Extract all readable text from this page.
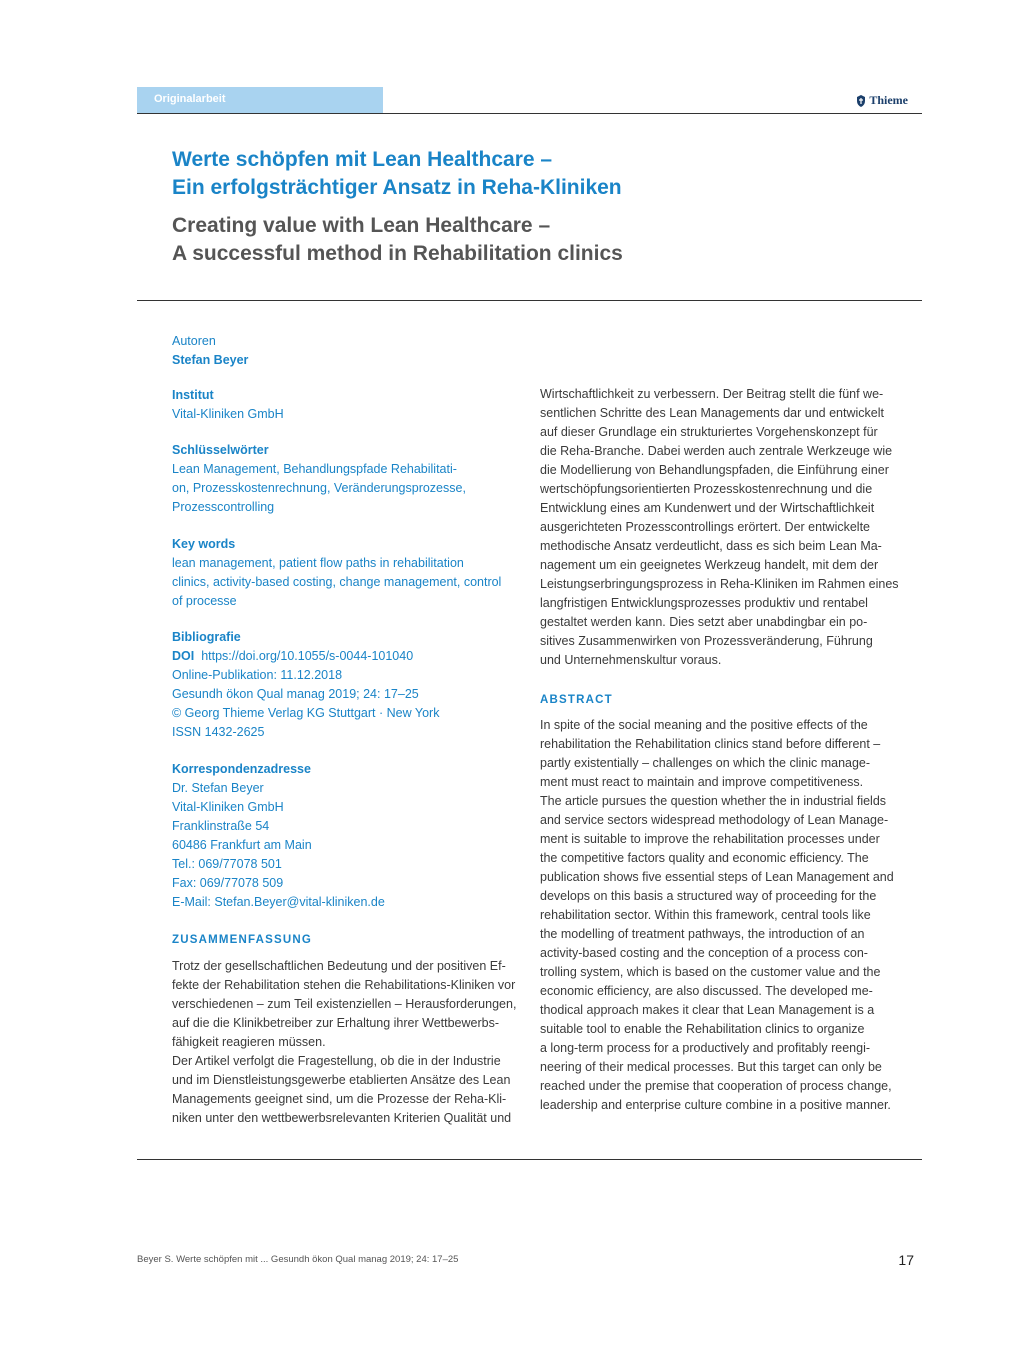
Originalarbeit	Thieme
Werte schöpfen mit Lean Healthcare –
Ein erfolgsträchtiger Ansatz in Reha-Kliniken
Creating value with Lean Healthcare –
A successful method in Rehabilitation clinics
Autoren
Stefan Beyer
Institut
Vital-Kliniken GmbH
Schlüsselwörter
Lean Management, Behandlungspfade Rehabilitati-
on, Prozesskostenrechnung, Veränderungsprozesse,
Prozesscontrolling
Key words
lean management, patient flow paths in rehabilitation
clinics, activity-based costing, change management, control
of processe
Bibliografie
DOI https://doi.org/10.1055/s-0044-101040
Online-Publikation: 11.12.2018
Gesundh ökon Qual manag 2019; 24: 17–25
© Georg Thieme Verlag KG Stuttgart · New York
ISSN 1432-2625
Korrespondenzadresse
Dr. Stefan Beyer
Vital-Kliniken GmbH
Franklinstraße 54
60486 Frankfurt am Main
Tel.: 069/77078 501
Fax: 069/77078 509
E-Mail: Stefan.Beyer@vital-kliniken.de
ZUSAMMENFASSUNG
Trotz der gesellschaftlichen Bedeutung und der positiven Ef-
fekte der Rehabilitation stehen die Rehabilitations-Kliniken vor
verschiedenen – zum Teil existenziellen – Herausforderungen,
auf die die Klinikbetreiber zur Erhaltung ihrer Wettbewerbs-
fähigkeit reagieren müssen.
Der Artikel verfolgt die Fragestellung, ob die in der Industrie
und im Dienstleistungsgewerbe etablierten Ansätze des Lean
Managements geeignet sind, um die Prozesse der Reha-Kli-
niken unter den wettbewerbsrelevanten Kriterien Qualität und
Wirtschaftlichkeit zu verbessern. Der Beitrag stellt die fünf we-
sentlichen Schritte des Lean Managements dar und entwickelt
auf dieser Grundlage ein strukturiertes Vorgehenskonzept für
die Reha-Branche. Dabei werden auch zentrale Werkzeuge wie
die Modellierung von Behandlungspfaden, die Einführung einer
wertschöpfungsorientierten Prozesskostenrechnung und die
Entwicklung eines am Kundenwert und der Wirtschaftlichkeit
ausgerichteten Prozesscontrollings erörtert. Der entwickelte
methodische Ansatz verdeutlicht, dass es sich beim Lean Ma-
nagement um ein geeignetes Werkzeug handelt, mit dem der
Leistungserbringungsprozess in Reha-Kliniken im Rahmen eines
langfristigen Entwicklungsprozesses produktiv und rentabel
gestaltet werden kann. Dies setzt aber unabdingbar ein po-
sitives Zusammenwirken von Prozessveränderung, Führung
und Unternehmenskultur voraus.
ABSTRACT
In spite of the social meaning and the positive effects of the
rehabilitation the Rehabilitation clinics stand before different –
partly existentially – challenges on which the clinic manage-
ment must react to maintain and improve competitiveness.
The article pursues the question whether the in industrial fields
and service sectors widespread methodology of Lean Manage-
ment is suitable to improve the rehabilitation processes under
the competitive factors quality and economic efficiency. The
publication shows five essential steps of Lean Management and
develops on this basis a structured way of proceeding for the
rehabilitation sector. Within this framework, central tools like
the modelling of treatment pathways, the introduction of an
activity-based costing and the conception of a process con-
trolling system, which is based on the customer value and the
economic efficiency, are also discussed. The developed me-
thodical approach makes it clear that Lean Management is a
suitable tool to enable the Rehabilitation clinics to organize
a long-term process for a productively and profitably reengi-
neering of their medical processes. But this target can only be
reached under the premise that cooperation of process change,
leadership and enterprise culture combine in a positive manner.
Beyer S. Werte schöpfen mit ... Gesundh ökon Qual manag 2019; 24: 17–25	17
